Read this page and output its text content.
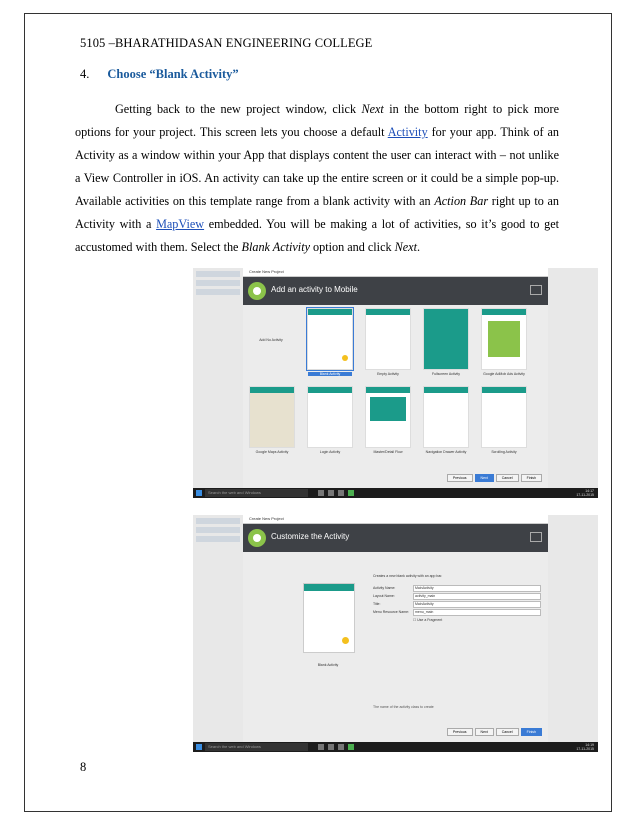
5105 –BHARATHIDASAN ENGINEERING COLLEGE
4. Choose “Blank Activity”

Getting back to the new project window, click Next in the bottom right to pick more options for your project. This screen lets you choose a default Activity for your app. Think of an Activity as a window within your App that displays content the user can interact with – not unlike a View Controller in iOS. An activity can take up the entire screen or it could be a simple pop-up. Available activities on this template range from a blank activity with an Action Bar right up to an Activity with a MapView embedded. You will be making a lot of activities, so it’s good to get accustomed with them. Select the Blank Activity option and click Next.

Create New Project
Add an activity to Mobile
Add No Activity
Blank Activity	Empty Activity	Fullscreen Activity	Google AdMob Ads Activity
Google Maps Activity	Login Activity	Master/Detail Flow	Navigation Drawer Activity	Scrolling Activity
Previous	Next	Cancel	Finish
Search the web and Windows	14:17
17-11-2015
Create New Project
Customize the Activity
Blank Activity
Creates a new blank activity with an app bar.
Activity Name:	MainActivity
Layout Name:	activity_main
Title:	MainActivity
Menu Resource Name:	menu_main
☐ Use a Fragment
The name of the activity class to create
Previous	Next	Cancel	Finish
Search the web and Windows	14:19
17-11-2015
8
